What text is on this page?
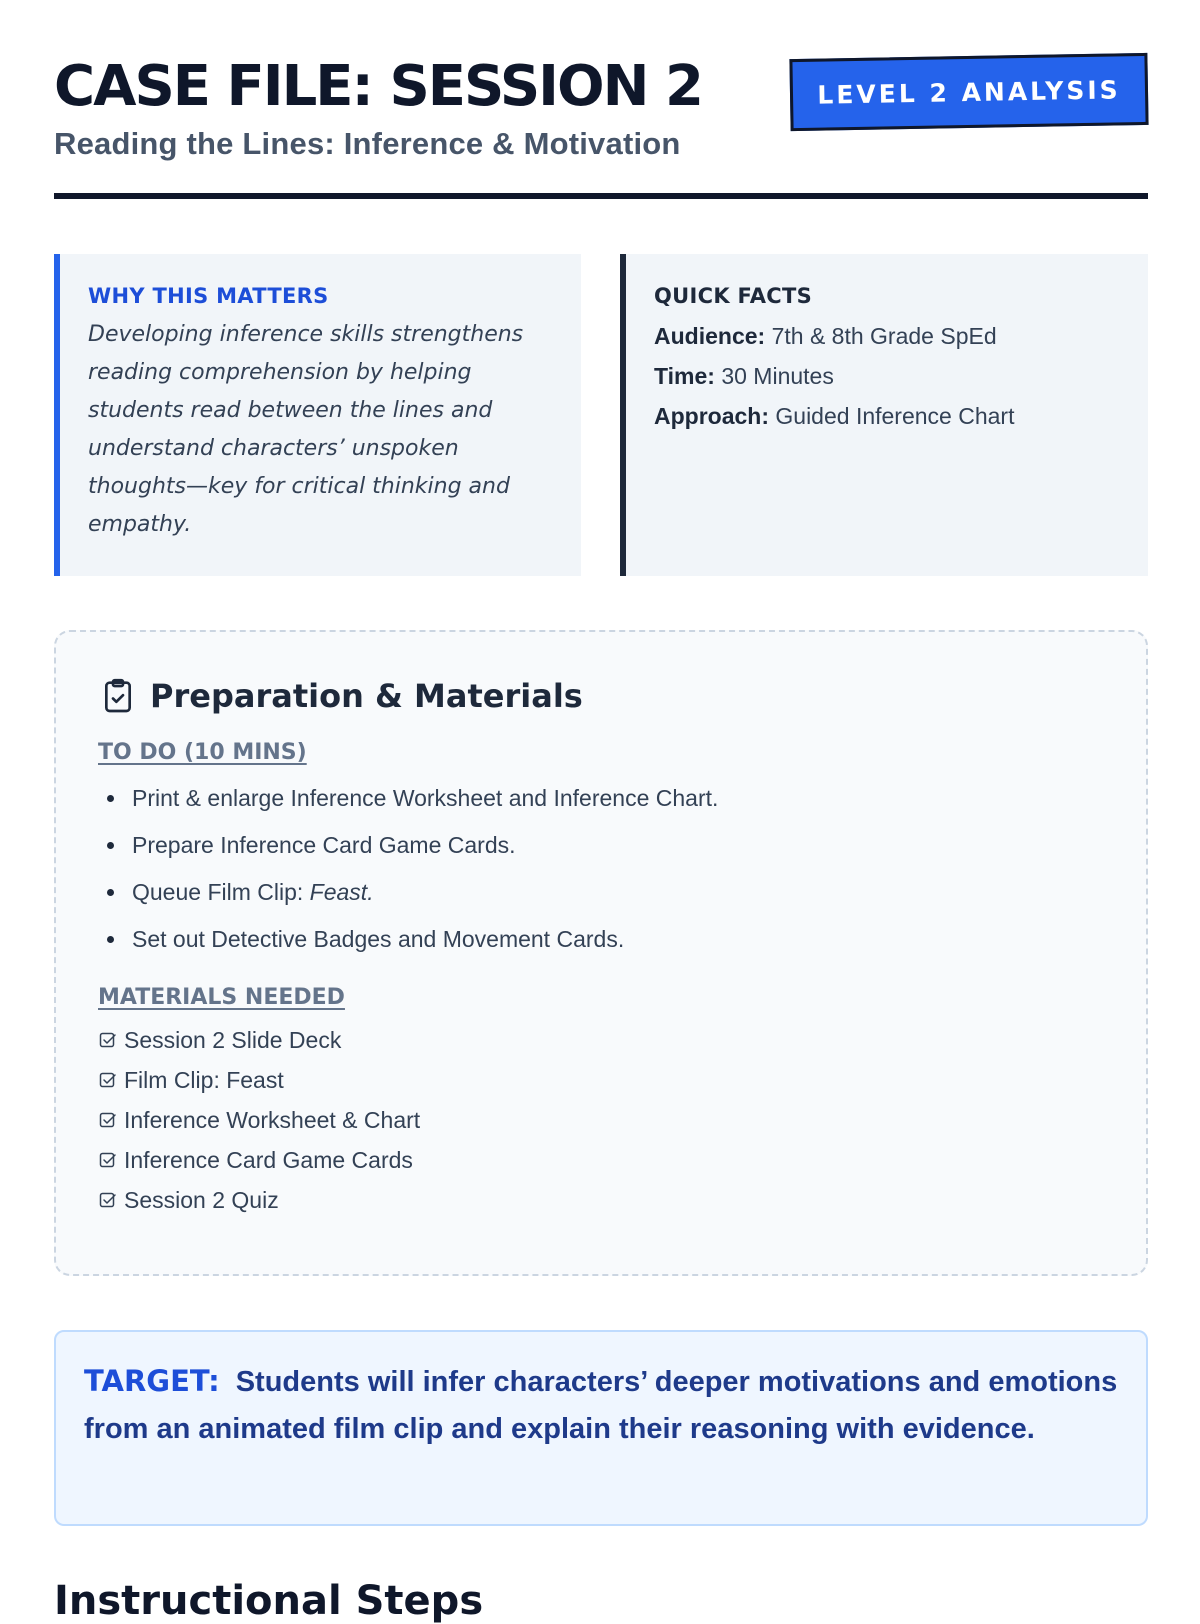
CASE FILE: SESSION 2
Reading the Lines: Inference & Motivation
LEVEL 2 ANALYSIS
WHY THIS MATTERS

Developing inference skills strengthens reading comprehension by helping students read between the lines and understand characters’ unspoken thoughts—key for critical thinking and empathy.

QUICK FACTS
Audience: 7th & 8th Grade SpEd
Time: 30 Minutes
Approach: Guided Inference Chart
Preparation & Materials
TO DO (10 MINS)
Print & enlarge Inference Worksheet and Inference Chart.
Prepare Inference Card Game Cards.
Queue Film Clip: Feast.
Set out Detective Badges and Movement Cards.
MATERIALS NEEDED
Session 2 Slide Deck
Film Clip: Feast
Inference Worksheet & Chart
Inference Card Game Cards
Session 2 Quiz

TARGET: Students will infer characters’ deeper motivations and emotions from an animated film clip and explain their reasoning with evidence.

Instructional Steps
